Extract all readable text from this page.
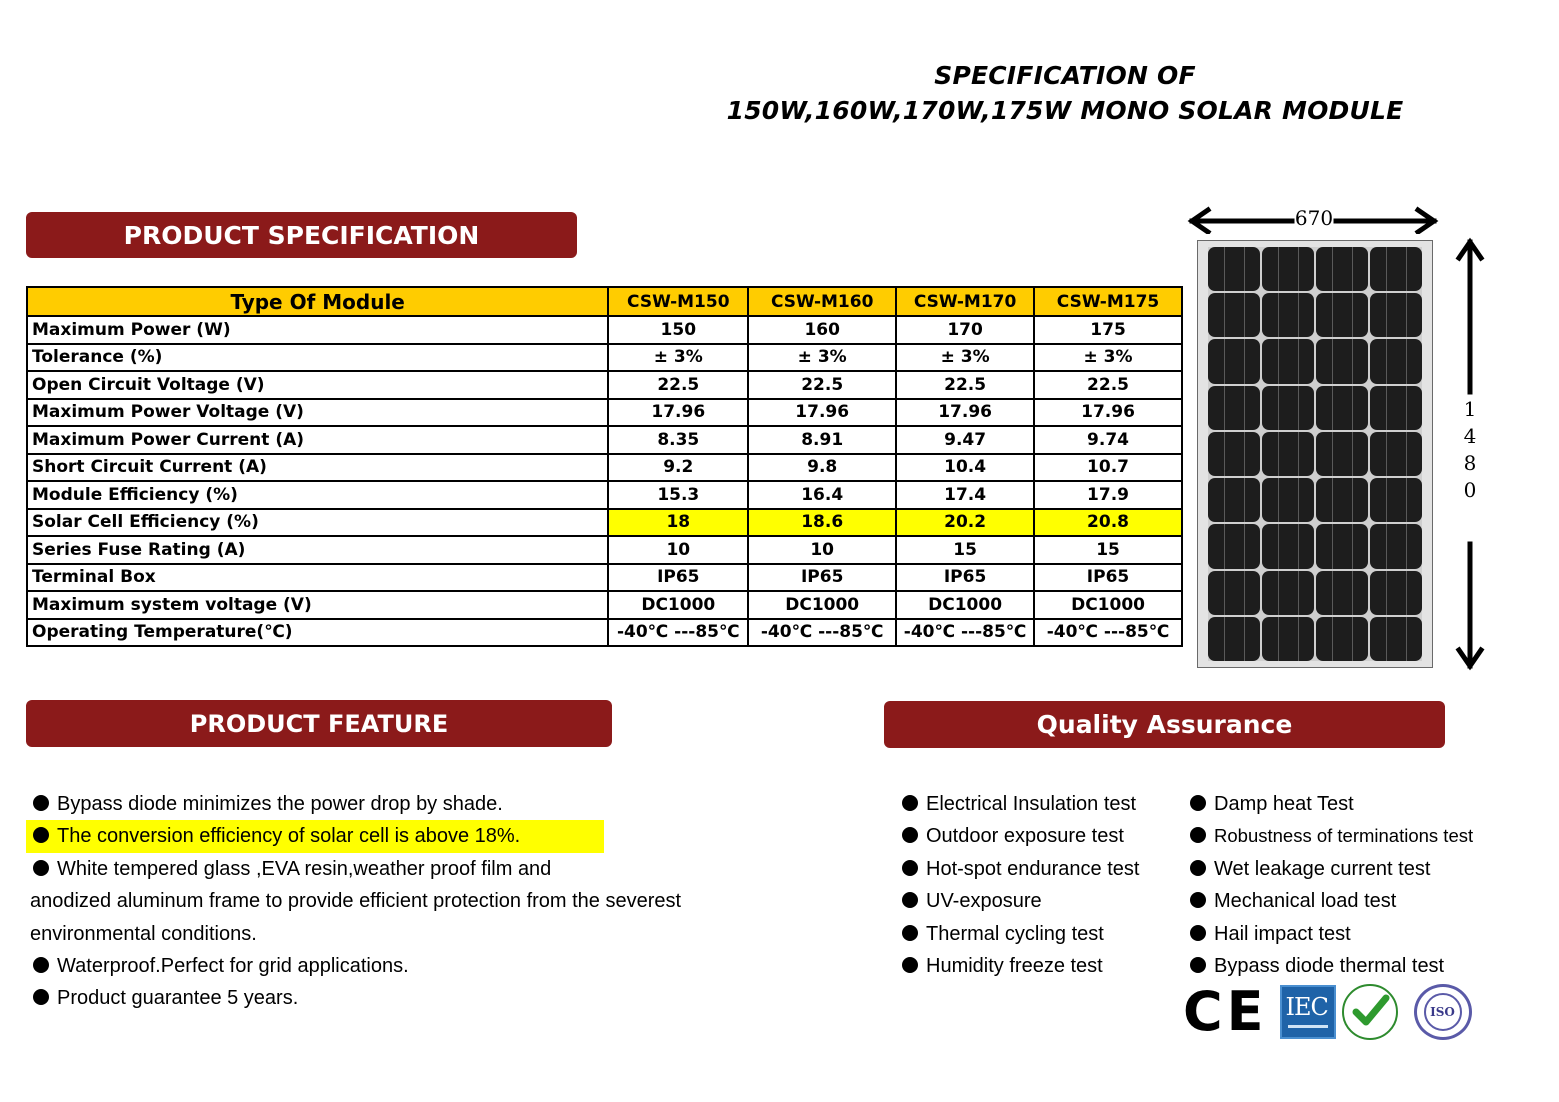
SPECIFICATION OF
150W,160W,170W,175W MONO SOLAR MODULE
PRODUCT SPECIFICATION
Type Of Module	CSW-M150	CSW-M160	CSW-M170	CSW-M175
Maximum Power (W)	150	160	170	175
Tolerance (%)	± 3%	± 3%	± 3%	± 3%
Open Circuit Voltage (V)	22.5	22.5	22.5	22.5
Maximum Power Voltage (V)	17.96	17.96	17.96	17.96
Maximum Power Current (A)	8.35	8.91	9.47	9.74
Short Circuit Current (A)	9.2	9.8	10.4	10.7
Module Efficiency (%)	15.3	16.4	17.4	17.9
Solar Cell Efficiency (%)	18	18.6	20.2	20.8
Series Fuse Rating (A)	10	10	15	15
Terminal Box	IP65	IP65	IP65	IP65
Maximum system voltage (V)	DC1000	DC1000	DC1000	DC1000
Operating Temperature(℃)	-40℃ ---85℃	-40℃ ---85℃	-40℃ ---85℃	-40℃ ---85℃
670
1
4
8
0
PRODUCT FEATURE	Quality Assurance
Bypass diode minimizes the power drop by shade.
The conversion efficiency of solar cell is above 18%.
White tempered glass ,EVA resin,weather proof film and
anodized aluminum frame to provide efficient protection from the severest
environmental conditions.
Waterproof.Perfect for grid applications.
Product guarantee 5 years.
Electrical Insulation test
Outdoor exposure test
Hot-spot endurance test
UV-exposure
Thermal cycling test
Humidity freeze test
Damp heat Test
Robustness of terminations test
Wet leakage current test
Mechanical load test
Hail impact test
Bypass diode thermal test
CE IEC	ISO
